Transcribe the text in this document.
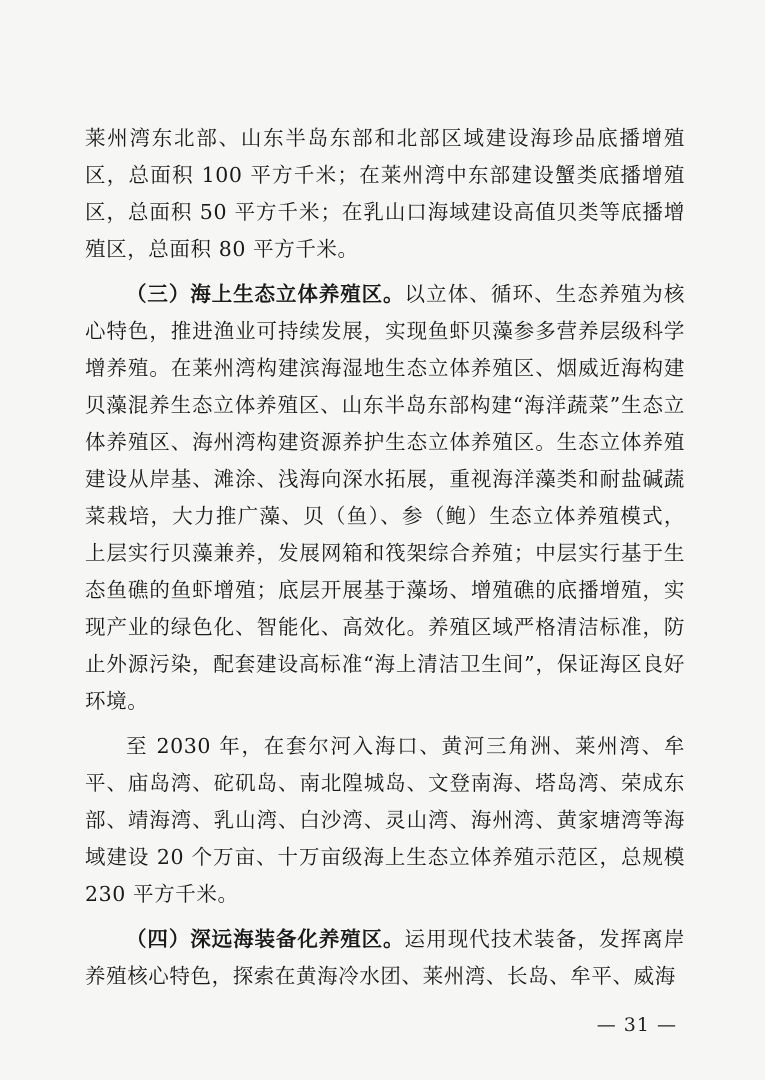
莱州湾东北部、山东半岛东部和北部区域建设海珍品底播增殖区，总面积 100 平方千米；在莱州湾中东部建设蟹类底播增殖区，总面积 50 平方千米；在乳山口海域建设高值贝类等底播增殖区，总面积 80 平方千米。

（三）海上生态立体养殖区。以立体、循环、生态养殖为核心特色，推进渔业可持续发展，实现鱼虾贝藻参多营养层级科学增养殖。在莱州湾构建滨海湿地生态立体养殖区、烟威近海构建贝藻混养生态立体养殖区、山东半岛东部构建“海洋蔬菜”生态立体养殖区、海州湾构建资源养护生态立体养殖区。生态立体养殖建设从岸基、滩涂、浅海向深水拓展，重视海洋藻类和耐盐碱蔬菜栽培，大力推广藻、贝（鱼）、参（鲍）生态立体养殖模式，上层实行贝藻兼养，发展网箱和筏架综合养殖；中层实行基于生态鱼礁的鱼虾增殖；底层开展基于藻场、增殖礁的底播增殖，实现产业的绿色化、智能化、高效化。养殖区域严格清洁标准，防止外源污染，配套建设高标准“海上清洁卫生间”，保证海区良好环境。

至 2030 年，在套尔河入海口、黄河三角洲、莱州湾、牟平、庙岛湾、砣矶岛、南北隍城岛、文登南海、塔岛湾、荣成东部、靖海湾、乳山湾、白沙湾、灵山湾、海州湾、黄家塘湾等海域建设 20 个万亩、十万亩级海上生态立体养殖示范区，总规模 230 平方千米。

（四）深远海装备化养殖区。运用现代技术装备，发挥离岸养殖核心特色，探索在黄海冷水团、莱州湾、长岛、牟平、威海

— 31 —
